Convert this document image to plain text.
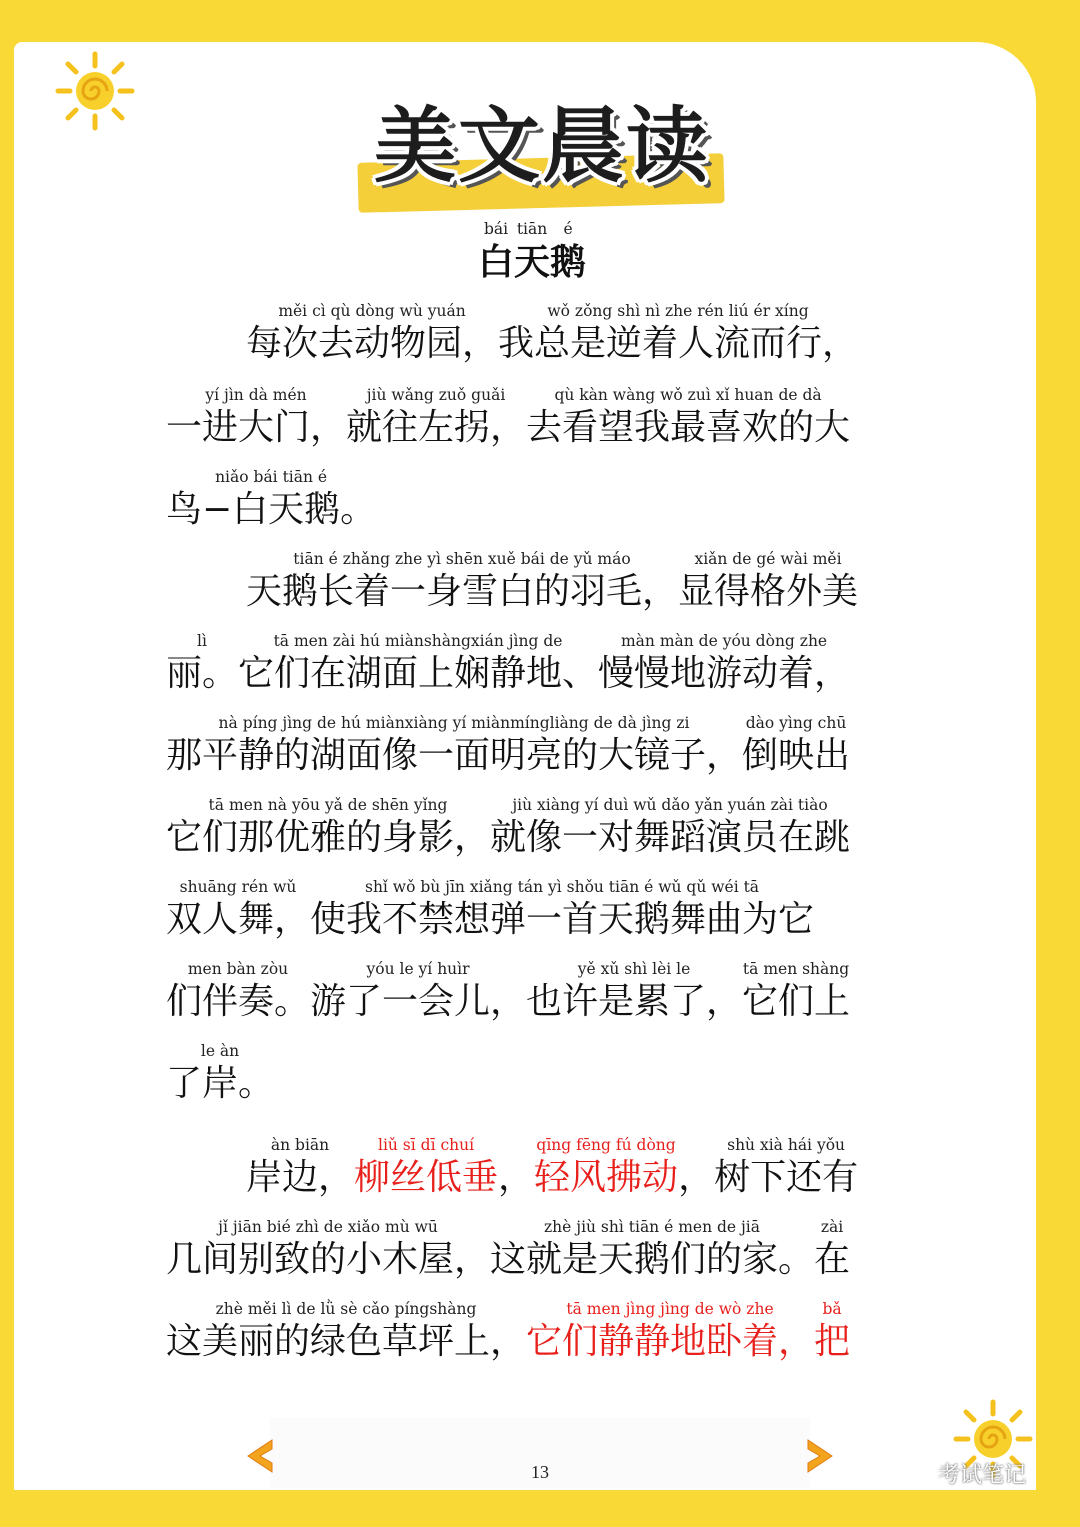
美文晨读
bái
白
tiān
天
é
鹅
měi cì qù dòng wù yuán
每次去动物园，
wǒ zǒng shì nì zhe rén liú ér xíng
我总是逆着人流而行，
yí jìn dà mén
一进大门，
jiù wǎng zuǒ guǎi
就往左拐，
qù kàn wàng wǒ zuì xǐ huan de dà
去看望我最喜欢的大
niǎo bái tiān é
鸟−白天鹅。
tiān é zhǎng zhe yì shēn xuě bái de yǔ máo
天鹅长着一身雪白的羽毛，
xiǎn de gé wài měi
显得格外美
lì
丽。
tā men zài hú miànshàngxián jìng de
它们在湖面上娴静地、
màn màn de yóu dòng zhe
慢慢地游动着，
nà píng jìng de hú miànxiàng yí miànmíngliàng de dà jìng zi
那平静的湖面像一面明亮的大镜子，
dào yìng chū
倒映出
tā men nà yōu yǎ de shēn yǐng
它们那优雅的身影，
jiù xiàng yí duì wǔ dǎo yǎn yuán zài tiào
就像一对舞蹈演员在跳
shuāng rén wǔ
双人舞，
shǐ wǒ bù jīn xiǎng tán yì shǒu tiān é wǔ qǔ wéi tā
使我不禁想弹一首天鹅舞曲为它
men bàn zòu
们伴奏。
yóu le yí huìr
游了一会儿，
yě xǔ shì lèi le
也许是累了，
tā men shàng
它们上
le àn
了岸。
àn biān
岸边，
liǔ sī dī chuí
柳丝低垂 ，
qīng fēng fú dòng
轻风拂动 ，
shù xià hái yǒu
树下还有
jǐ jiān bié zhì de xiǎo mù wū
几间别致的小木屋，
zhè jiù shì tiān é men de jiā
这就是天鹅们的家。
zài
在
zhè měi lì de lǜ sè cǎo píngshàng
这美丽的绿色草坪上，
tā men jìng jìng de wò zhe
它们静静地卧着，
bǎ
把
13	考试笔记
